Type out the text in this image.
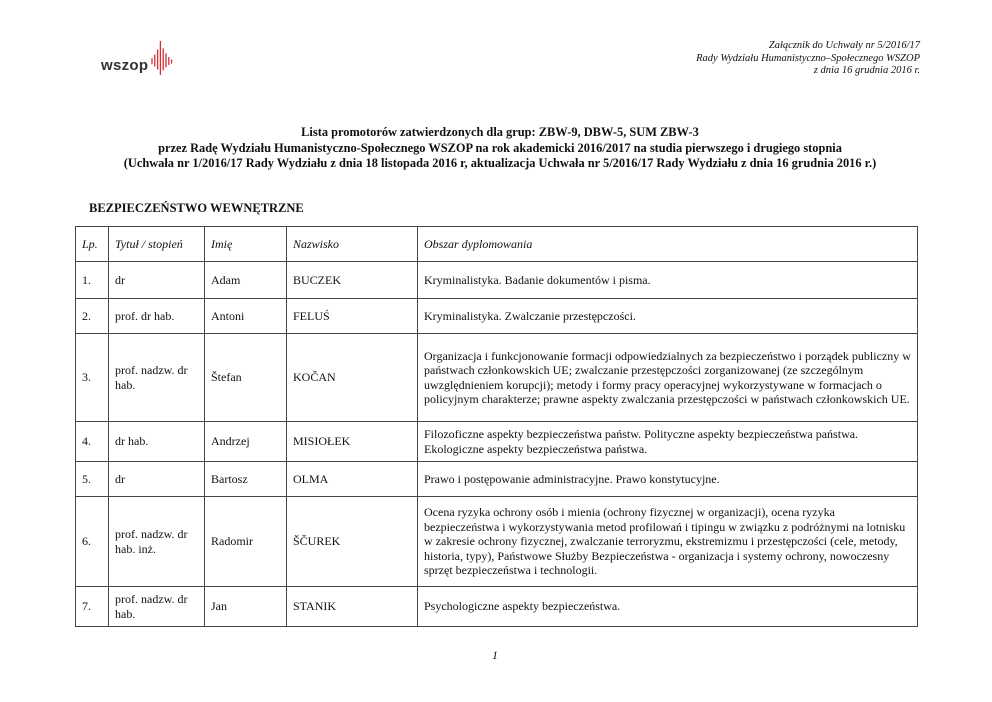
wszop
Załącznik do Uchwały nr 5/2016/17
Rady Wydziału Humanistyczno–Społecznego WSZOP
z dnia 16 grudnia 2016 r.
Lista promotorów zatwierdzonych dla grup: ZBW-9, DBW-5, SUM ZBW-3
przez Radę Wydziału Humanistyczno-Społecznego WSZOP na rok akademicki 2016/2017 na studia pierwszego i drugiego stopnia
(Uchwała nr 1/2016/17 Rady Wydziału z dnia 18 listopada 2016 r, aktualizacja Uchwała nr 5/2016/17 Rady Wydziału z dnia 16 grudnia 2016 r.)
BEZPIECZEŃSTWO WEWNĘTRZNE
Lp.	Tytuł / stopień	Imię	Nazwisko	Obszar dyplomowania
1.	dr	Adam	BUCZEK	Kryminalistyka. Badanie dokumentów i pisma.
2.	prof. dr hab.	Antoni	FELUŚ	Kryminalistyka. Zwalczanie przestępczości.
3.	prof. nadzw. dr hab.	Štefan	KOČAN	Organizacja i funkcjonowanie formacji odpowiedzialnych za bezpieczeństwo i porządek publiczny w państwach członkowskich UE; zwalczanie przestępczości zorganizowanej (ze szczególnym uwzględnieniem korupcji); metody i formy pracy operacyjnej wykorzystywane w formacjach o policyjnym charakterze; prawne aspekty zwalczania przestępczości w państwach członkowskich UE.
4.	dr hab.	Andrzej	MISIOŁEK	Filozoficzne aspekty bezpieczeństwa państw. Polityczne aspekty bezpieczeństwa państwa. Ekologiczne aspekty bezpieczeństwa państwa.
5.	dr	Bartosz	OLMA	Prawo i postępowanie administracyjne. Prawo konstytucyjne.
6.	prof. nadzw. dr hab. inż.	Radomir	ŠČUREK	Ocena ryzyka ochrony osób i mienia (ochrony fizycznej w organizacji), ocena ryzyka bezpieczeństwa i wykorzystywania metod profilowań i tipingu w związku z podróżnymi na lotnisku w zakresie ochrony fizycznej, zwalczanie terroryzmu, ekstremizmu i przestępczości (cele, metody, historia, typy), Państwowe Służby Bezpieczeństwa - organizacja i systemy ochrony, nowoczesny sprzęt bezpieczeństwa i technologii.
7.	prof. nadzw. dr hab.	Jan	STANIK	Psychologiczne aspekty bezpieczeństwa.
1
